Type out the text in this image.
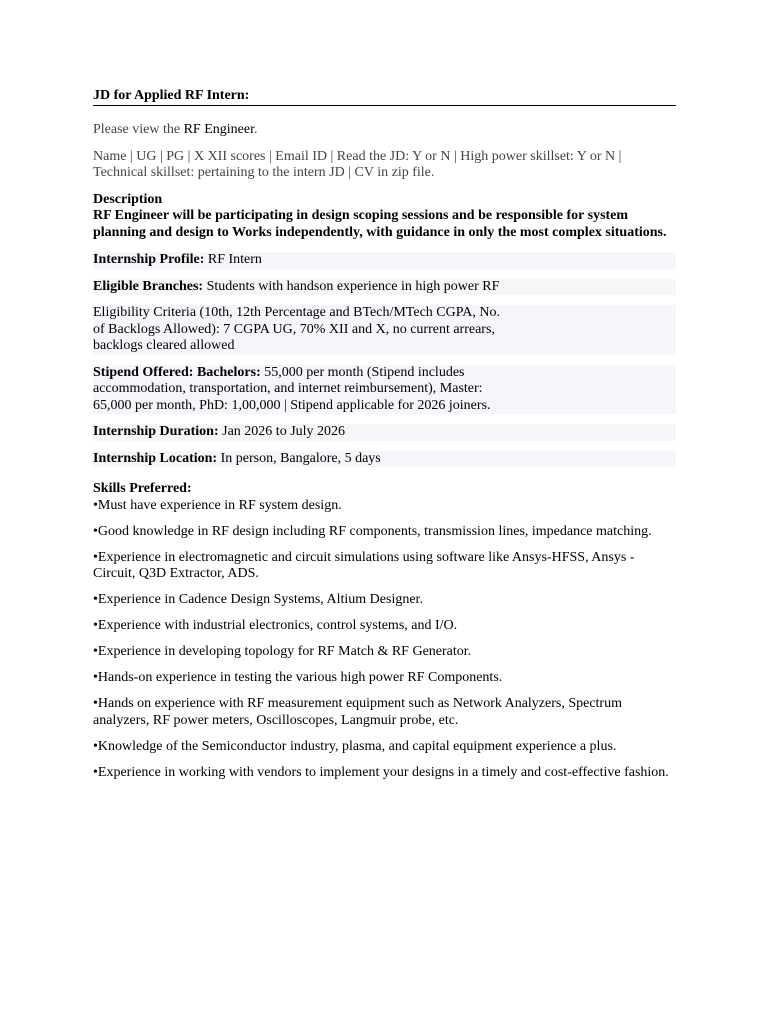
JD for Applied RF Intern:

Please view the RF Engineer.

Name | UG | PG | X XII scores | Email ID | Read the JD: Y or N | High power skillset: Y or N | Technical skillset: pertaining to the intern JD | CV in zip file.

Description

RF Engineer will be participating in design scoping sessions and be responsible for system planning and design to Works independently, with guidance in only the most complex situations.

Internship Profile: RF Intern

Eligible Branches: Students with handson experience in high power RF

Eligibility Criteria (10th, 12th Percentage and BTech/MTech CGPA, No. of Backlogs Allowed): 7 CGPA UG, 70% XII and X, no current arrears, backlogs cleared allowed

Stipend Offered: Bachelors: 55,000 per month (Stipend includes accommodation, transportation, and internet reimbursement), Master: 65,000 per month, PhD: 1,00,000 | Stipend applicable for 2026 joiners.

Internship Duration: Jan 2026 to July 2026

Internship Location: In person, Bangalore, 5 days

Skills Preferred:

•Must have experience in RF system design.

•Good knowledge in RF design including RF components, transmission lines, impedance matching.

•Experience in electromagnetic and circuit simulations using software like Ansys-HFSS, Ansys - Circuit, Q3D Extractor, ADS.

•Experience in Cadence Design Systems, Altium Designer.

•Experience with industrial electronics, control systems, and I/O.

•Experience in developing topology for RF Match & RF Generator.

•Hands-on experience in testing the various high power RF Components.

•Hands on experience with RF measurement equipment such as Network Analyzers, Spectrum analyzers, RF power meters, Oscilloscopes, Langmuir probe, etc.

•Knowledge of the Semiconductor industry, plasma, and capital equipment experience a plus.

•Experience in working with vendors to implement your designs in a timely and cost-effective fashion.
